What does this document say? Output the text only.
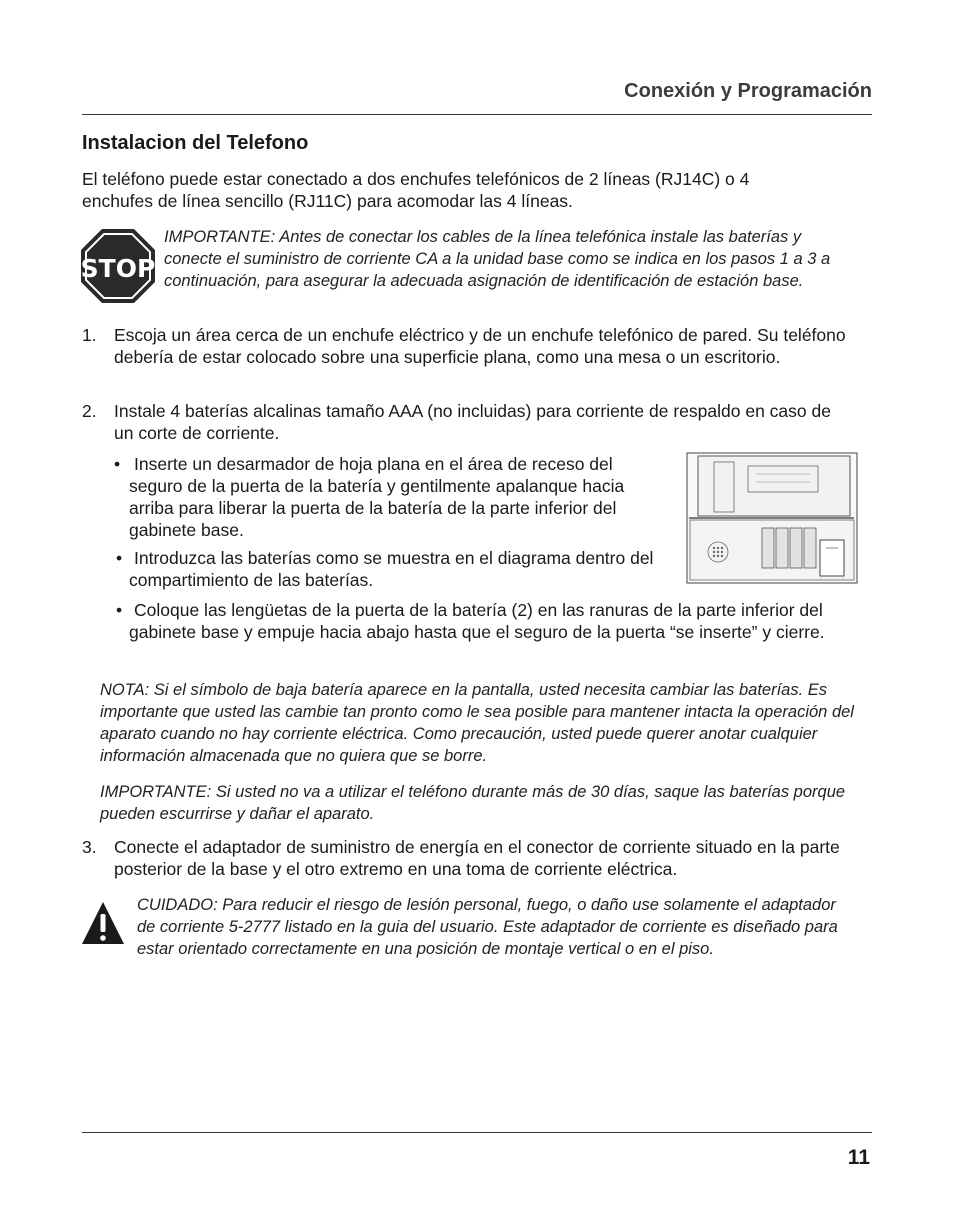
Conexión y Programación
Instalacion del Telefono
El teléfono puede estar conectado a dos enchufes telefónicos de 2 líneas (RJ14C) o 4 enchufes de línea sencillo (RJ11C) para acomodar las 4 líneas.
STOP
IMPORTANTE: Antes de conectar los cables de la línea telefónica instale las baterías y conecte el suministro de corriente CA a la unidad base como se indica en los pasos 1 a 3 a continuación, para asegurar la adecuada asignación de identificación de estación base.
1. Escoja un área cerca de un enchufe eléctrico y de un enchufe telefónico de pared. Su teléfono debería de estar colocado sobre una superficie plana, como una mesa o un escritorio.
2. Instale 4 baterías alcalinas tamaño AAA (no incluidas) para corriente de respaldo en caso de un corte de corriente.
• Inserte un desarmador de hoja plana en el área de receso del seguro de la puerta de la batería y gentilmente apalanque hacia arriba para liberar la puerta de la batería de la parte inferior del gabinete base.
• Introduzca las baterías como se muestra en el diagrama dentro del compartimiento de las baterías.
• Coloque las lengüetas de la puerta de la batería (2) en las ranuras de la parte inferior del gabinete base y empuje hacia abajo hasta que el seguro de la puerta “se inserte” y cierre.
NOTA: Si el símbolo de baja batería aparece en la pantalla, usted necesita cambiar las baterías. Es importante que usted las cambie tan pronto como le sea posible para mantener intacta la operación del aparato cuando no hay corriente eléctrica. Como precaución, usted puede querer anotar cualquier información almacenada que no quiera que se borre.
IMPORTANTE: Si usted no va a utilizar el teléfono durante más de 30 días, saque las baterías porque pueden escurrirse y dañar el aparato.
3. Conecte el adaptador de suministro de energía en el conector de corriente situado en la parte posterior de la base y el otro extremo en una toma de corriente eléctrica.
CUIDADO: Para reducir el riesgo de lesión personal, fuego, o daño use solamente el adaptador de corriente 5-2777 listado en la guia del usuario. Este adaptador de corriente es diseñado para estar orientado correctamente en una posición de montaje vertical o en el piso.
11
